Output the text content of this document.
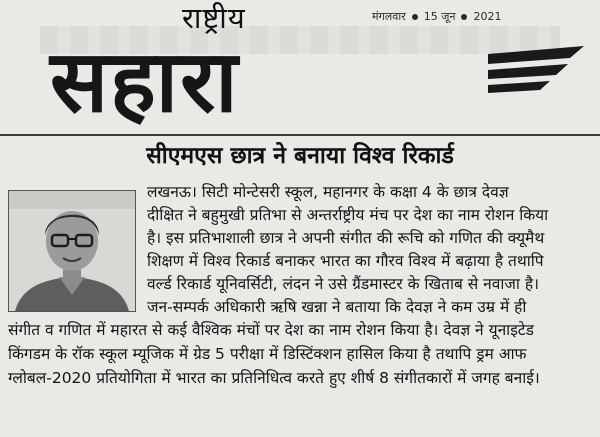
राष्ट्रीय
सहारा
मंगलवार 15 जून 2021
सीएमएस छात्र ने बनाया विश्व रिकार्ड
लखनऊ। सिटी मोन्टेसरी स्कूल, महानगर के कक्षा 4 के छात्र देवज्ञ
दीक्षित ने बहुमुखी प्रतिभा से अन्तर्राष्ट्रीय मंच पर देश का नाम रोशन किया
है। इस प्रतिभाशाली छात्र ने अपनी संगीत की रूचि को गणित की क्यूमैथ
शिक्षण में विश्व रिकार्ड बनाकर भारत का गौरव विश्व में बढ़ाया है तथापि
वर्ल्ड रिकार्ड यूनिवर्सिटी, लंदन ने उसे ग्रैंडमास्टर के खिताब से नवाजा है।
जन-सम्पर्क अधिकारी ऋषि खन्ना ने बताया कि देवज्ञ ने कम उम्र में ही
संगीत व गणित में महारत से कई वैश्विक मंचों पर देश का नाम रोशन किया है। देवज्ञ ने यूनाइटेड
किंगडम के रॉक स्कूल म्यूजिक में ग्रेड 5 परीक्षा में डिस्टिंक्शन हासिल किया है तथापि ड्रम आफ
ग्लोबल-2020 प्रतियोगिता में भारत का प्रतिनिधित्व करते हुए शीर्ष 8 संगीतकारों में जगह बनाई।
